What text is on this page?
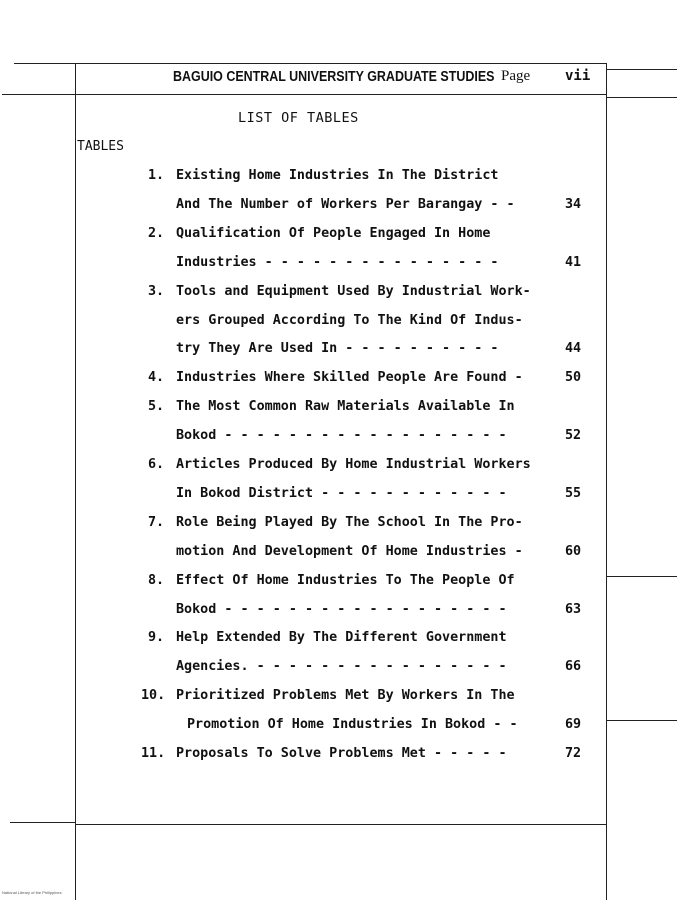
BAGUIO CENTRAL UNIVERSITY GRADUATE STUDIES Page vii
LIST OF TABLES
TABLES
1. Existing Home Industries In The District
And The Number of Workers Per Barangay - -	34
2. Qualification Of People Engaged In Home
Industries - - - - - - - - - - - - - - -	41
3. Tools and Equipment Used By Industrial Work-
ers Grouped According To The Kind Of Indus-
try They Are Used In - - - - - - - - - -	44
4. Industries Where Skilled People Are Found -	50
5. The Most Common Raw Materials Available In
Bokod - - - - - - - - - - - - - - - - - -	52
6. Articles Produced By Home Industrial Workers
In Bokod District - - - - - - - - - - - -	55
7. Role Being Played By The School In The Pro-
motion And Development Of Home Industries -	60
8. Effect Of Home Industries To The People Of
Bokod - - - - - - - - - - - - - - - - - -	63
9. Help Extended By The Different Government
Agencies. - - - - - - - - - - - - - - - -	66
10. Prioritized Problems Met By Workers In The
Promotion Of Home Industries In Bokod - -	69
11. Proposals To Solve Problems Met - - - - -	72
National Library of the Philippines
